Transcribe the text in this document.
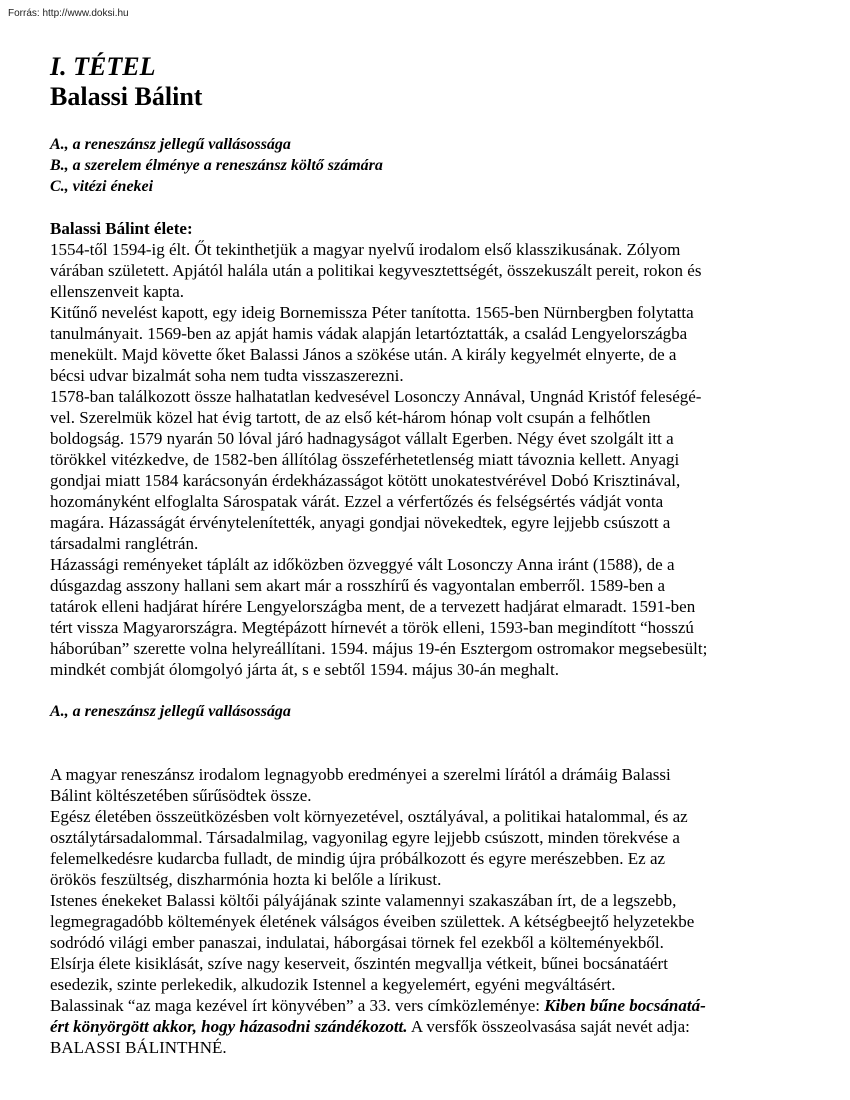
Forrás: http://www.doksi.hu
I. TÉTEL
Balassi Bálint
A., a reneszánsz jellegű vallásossága
B., a szerelem élménye a reneszánsz költő számára
C., vitézi énekei
Balassi Bálint élete:
1554-től 1594-ig élt. Őt tekinthetjük a magyar nyelvű irodalom első klasszikusának. Zólyom
várában született. Apjától halála után a politikai kegyvesztettségét, összekuszált pereit, rokon és
ellenszenveit kapta.
Kitűnő nevelést kapott, egy ideig Bornemissza Péter tanította. 1565-ben Nürnbergben folytatta
tanulmányait. 1569-ben az apját hamis vádak alapján letartóztatták, a család Lengyelországba
menekült. Majd követte őket Balassi János a szökése után. A király kegyelmét elnyerte, de a
bécsi udvar bizalmát soha nem tudta visszaszerezni.
1578-ban találkozott össze halhatatlan kedvesével Losonczy Annával, Ungnád Kristóf feleségé-
vel. Szerelmük közel hat évig tartott, de az első két-három hónap volt csupán a felhőtlen
boldogság. 1579 nyarán 50 lóval járó hadnagyságot vállalt Egerben. Négy évet szolgált itt a
törökkel vitézkedve, de 1582-ben állítólag összeférhetetlenség miatt távoznia kellett. Anyagi
gondjai miatt 1584 karácsonyán érdekházasságot kötött unokatestvérével Dobó Krisztinával,
hozományként elfoglalta Sárospatak várát. Ezzel a vérfertőzés és felségsértés vádját vonta
magára. Házasságát érvénytelenítették, anyagi gondjai növekedtek, egyre lejjebb csúszott a
társadalmi ranglétrán.
Házassági reményeket táplált az időközben özveggyé vált Losonczy Anna iránt (1588), de a
dúsgazdag asszony hallani sem akart már a rosszhírű és vagyontalan emberről. 1589-ben a
tatárok elleni hadjárat hírére Lengyelországba ment, de a tervezett hadjárat elmaradt. 1591-ben
tért vissza Magyarországra. Megtépázott hírnevét a török elleni, 1593-ban megindított “hosszú
háborúban” szerette volna helyreállítani. 1594. május 19-én Esztergom ostromakor megsebesült;
mindkét combját ólomgolyó járta át, s e sebtől 1594. május 30-án meghalt.
A., a reneszánsz jellegű vallásossága
A magyar reneszánsz irodalom legnagyobb eredményei a szerelmi lírától a drámáig Balassi
Bálint költészetében sűrűsödtek össze.
Egész életében összeütközésben volt környezetével, osztályával, a politikai hatalommal, és az
osztálytársadalommal. Társadalmilag, vagyonilag egyre lejjebb csúszott, minden törekvése a
felemelkedésre kudarcba fulladt, de mindig újra próbálkozott és egyre merészebben. Ez az
örökös feszültség, diszharmónia hozta ki belőle a lírikust.
Istenes énekeket Balassi költői pályájának szinte valamennyi szakaszában írt, de a legszebb,
legmegragadóbb költemények életének válságos éveiben születtek. A kétségbeejtő helyzetekbe
sodródó világi ember panaszai, indulatai, háborgásai törnek fel ezekből a költeményekből.
Elsírja élete kisiklását, szíve nagy keserveit, őszintén megvallja vétkeit, bűnei bocsánatáért
esedezik, szinte perlekedik, alkudozik Istennel a kegyelemért, egyéni megváltásért.
Balassinak “az maga kezével írt könyvében” a 33. vers címközleménye: Kiben bűne bocsánatá-
ért könyörgött akkor, hogy házasodni szándékozott. A versfők összeolvasása saját nevét adja:
BALASSI BÁLINTHNÉ.
